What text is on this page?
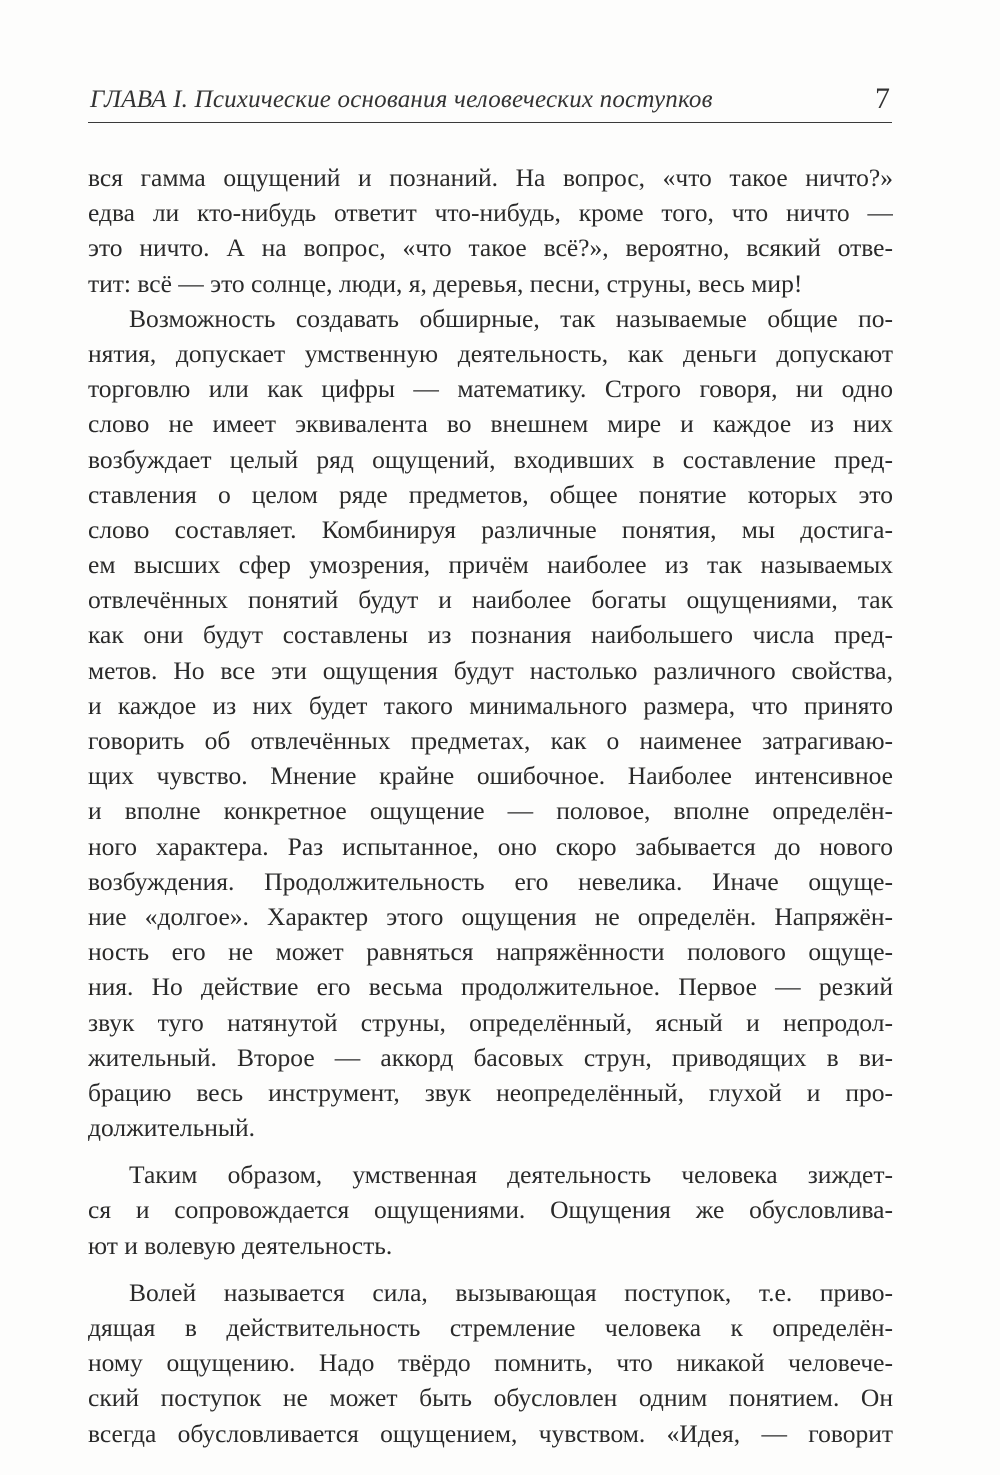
ГЛАВА I. Психические основания человеческих поступков	7
вся гамма ощущений и познаний. На вопрос, «что такое ничто?»
едва ли кто-нибудь ответит что-нибудь, кроме того, что ничто —
это ничто. А на вопрос, «что такое всё?», вероятно, всякий отве-
тит: всё — это солнце, люди, я, деревья, песни, струны, весь мир!
Возможность создавать обширные, так называемые общие по-
нятия, допускает умственную деятельность, как деньги допускают
торговлю или как цифры — математику. Строго говоря, ни одно
слово не имеет эквивалента во внешнем мире и каждое из них
возбуждает целый ряд ощущений, входивших в составление пред-
ставления о целом ряде предметов, общее понятие которых это
слово составляет. Комбинируя различные понятия, мы достига-
ем высших сфер умозрения, причём наиболее из так называемых
отвлечённых понятий будут и наиболее богаты ощущениями, так
как они будут составлены из познания наибольшего числа пред-
метов. Но все эти ощущения будут настолько различного свойства,
и каждое из них будет такого минимального размера, что принято
говорить об отвлечённых предметах, как о наименее затрагиваю-
щих чувство. Мнение крайне ошибочное. Наиболее интенсивное
и вполне конкретное ощущение — половое, вполне определён-
ного характера. Раз испытанное, оно скоро забывается до нового
возбуждения. Продолжительность его невелика. Иначе ощуще-
ние «долгое». Характер этого ощущения не определён. Напряжён-
ность его не может равняться напряжённости полового ощуще-
ния. Но действие его весьма продолжительное. Первое — резкий
звук туго натянутой струны, определённый, ясный и непродол-
жительный. Второе — аккорд басовых струн, приводящих в ви-
брацию весь инструмент, звук неопределённый, глухой и про-
должительный.
Таким образом, умственная деятельность человека зиждет-
ся и сопровождается ощущениями. Ощущения же обусловлива-
ют и волевую деятельность.
Волей называется сила, вызывающая поступок, т.е. приво-
дящая в действительность стремление человека к определён-
ному ощущению. Надо твёрдо помнить, что никакой человече-
ский поступок не может быть обусловлен одним понятием. Он
всегда обусловливается ощущением, чувством. «Идея, — говорит
